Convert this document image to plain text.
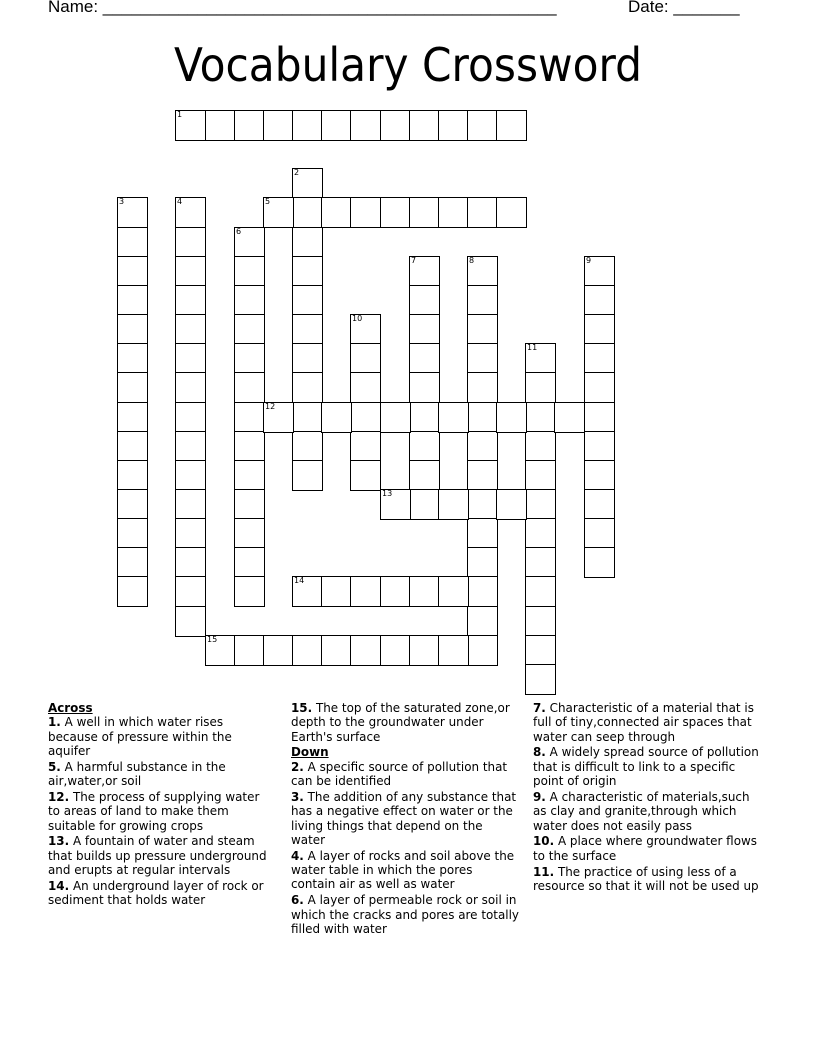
Name: ________________________________________________	Date: _______
Vocabulary Crossword
1
2
3	4	5
6
7	8	9
10
11
12
13
14
15
Across
1. A well in which water rises because of pressure within the aquifer
5. A harmful substance in the air,water,or soil
12. The process of supplying water to areas of land to make them suitable for growing crops
13. A fountain of water and steam that builds up pressure underground and erupts at regular intervals
14. An underground layer of rock or sediment that holds water
15. The top of the saturated zone,or depth to the groundwater under Earth's surface
Down
2. A specific source of pollution that can be identified
3. The addition of any substance that has a negative effect on water or the living things that depend on the water
4. A layer of rocks and soil above the water table in which the pores contain air as well as water
6. A layer of permeable rock or soil in which the cracks and pores are totally filled with water
7. Characteristic of a material that is full of tiny,connected air spaces that water can seep through
8. A widely spread source of pollution that is difficult to link to a specific point of origin
9. A characteristic of materials,such as clay and granite,through which water does not easily pass
10. A place where groundwater flows to the surface
11. The practice of using less of a resource so that it will not be used up
